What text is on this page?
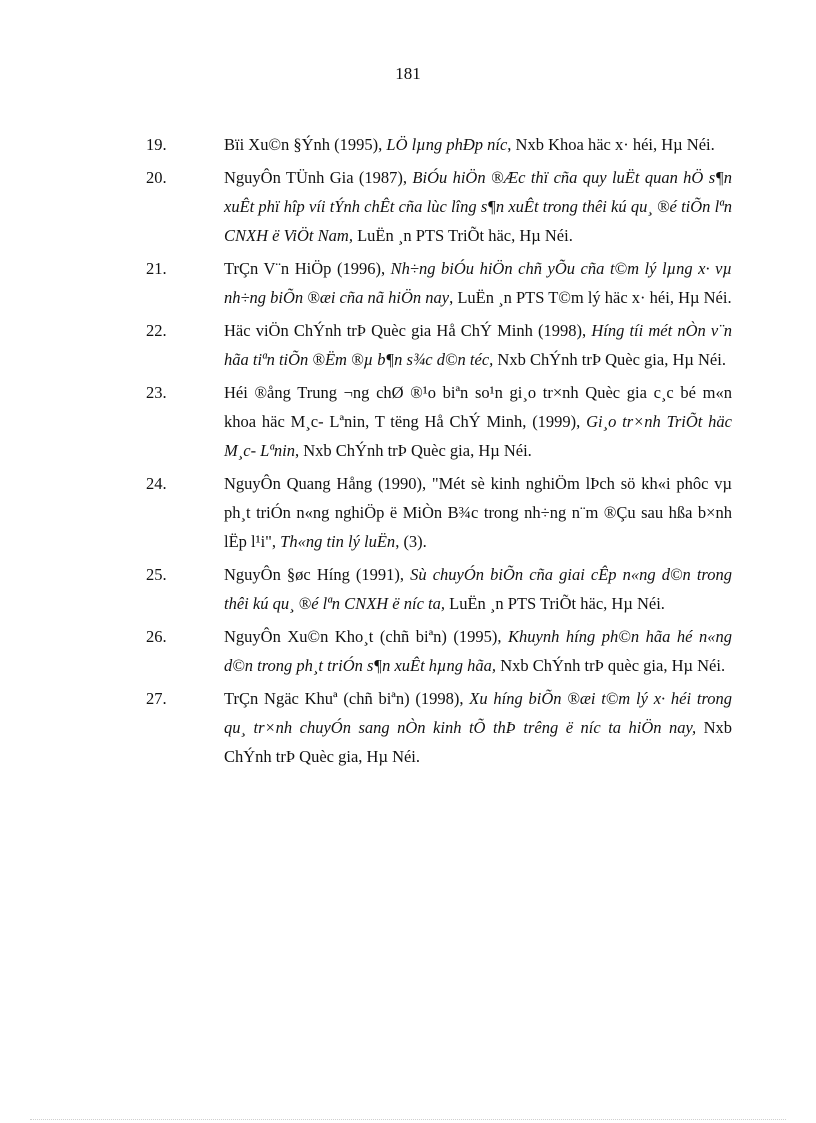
181
19.	Bïi Xu©n §Ýnh (1995), LÖ lµng phÐp níc, Nxb Khoa häc x· héi, Hµ Néi.
20.	NguyÔn TÜnh Gia (1987), BiÓu hiÖn ®Æc thï cña quy luËt quan hÖ s¶n xuÊt phï hîp víi tÝnh chÊt cña lùc lîng s¶n xuÊt trong thêi kú qu¸ ®é tiÕn lªn CNXH ë ViÖt Nam, LuËn ¸n PTS TriÕt häc, Hµ Néi.
21.	TrÇn V¨n HiÖp (1996), Nh÷ng biÓu hiÖn chñ yÕu cña t©m lý lµng x· vµ nh÷ng biÕn ®æi cña nã hiÖn nay, LuËn ¸n PTS T©m lý häc x· héi, Hµ Néi.
22.	Häc viÖn ChÝnh trÞ Quèc gia Hå ChÝ Minh (1998), Híng tíi mét nÒn v¨n hãa tiªn tiÕn ®Ëm ®µ b¶n s¾c d©n téc, Nxb ChÝnh trÞ Quèc gia, Hµ Néi.
23.	Héi ®ång Trung ¬ng chØ ®¹o biªn so¹n gi¸o tr×nh Quèc gia c¸c bé m«n khoa häc M¸c- Lªnin, T tëng Hå ChÝ Minh, (1999), Gi¸o tr×nh TriÕt häc M¸c- Lªnin, Nxb ChÝnh trÞ Quèc gia, Hµ Néi.
24.	NguyÔn Quang Hång (1990), "Mét sè kinh nghiÖm lÞch sö kh«i phôc vµ ph¸t triÓn n«ng nghiÖp ë MiÒn B¾c trong nh÷ng n¨m ®Çu sau hßa b×nh lËp l¹i", Th«ng tin lý luËn, (3).
25.	NguyÔn §øc Híng (1991), Sù chuyÓn biÕn cña giai cÊp n«ng d©n trong thêi kú qu¸ ®é lªn CNXH ë níc ta, LuËn ¸n PTS TriÕt häc, Hµ Néi.
26.	NguyÔn Xu©n Kho¸t (chñ biªn) (1995), Khuynh híng ph©n hãa hé n«ng d©n trong ph¸t triÓn s¶n xuÊt hµng hãa, Nxb ChÝnh trÞ quèc gia, Hµ Néi.
27.	TrÇn Ngäc Khuª (chñ biªn) (1998), Xu híng biÕn ®æi t©m lý x· héi trong qu¸ tr×nh chuyÓn sang nÒn kinh tÕ thÞ trêng ë níc ta hiÖn nay, Nxb ChÝnh trÞ Quèc gia, Hµ Néi.
